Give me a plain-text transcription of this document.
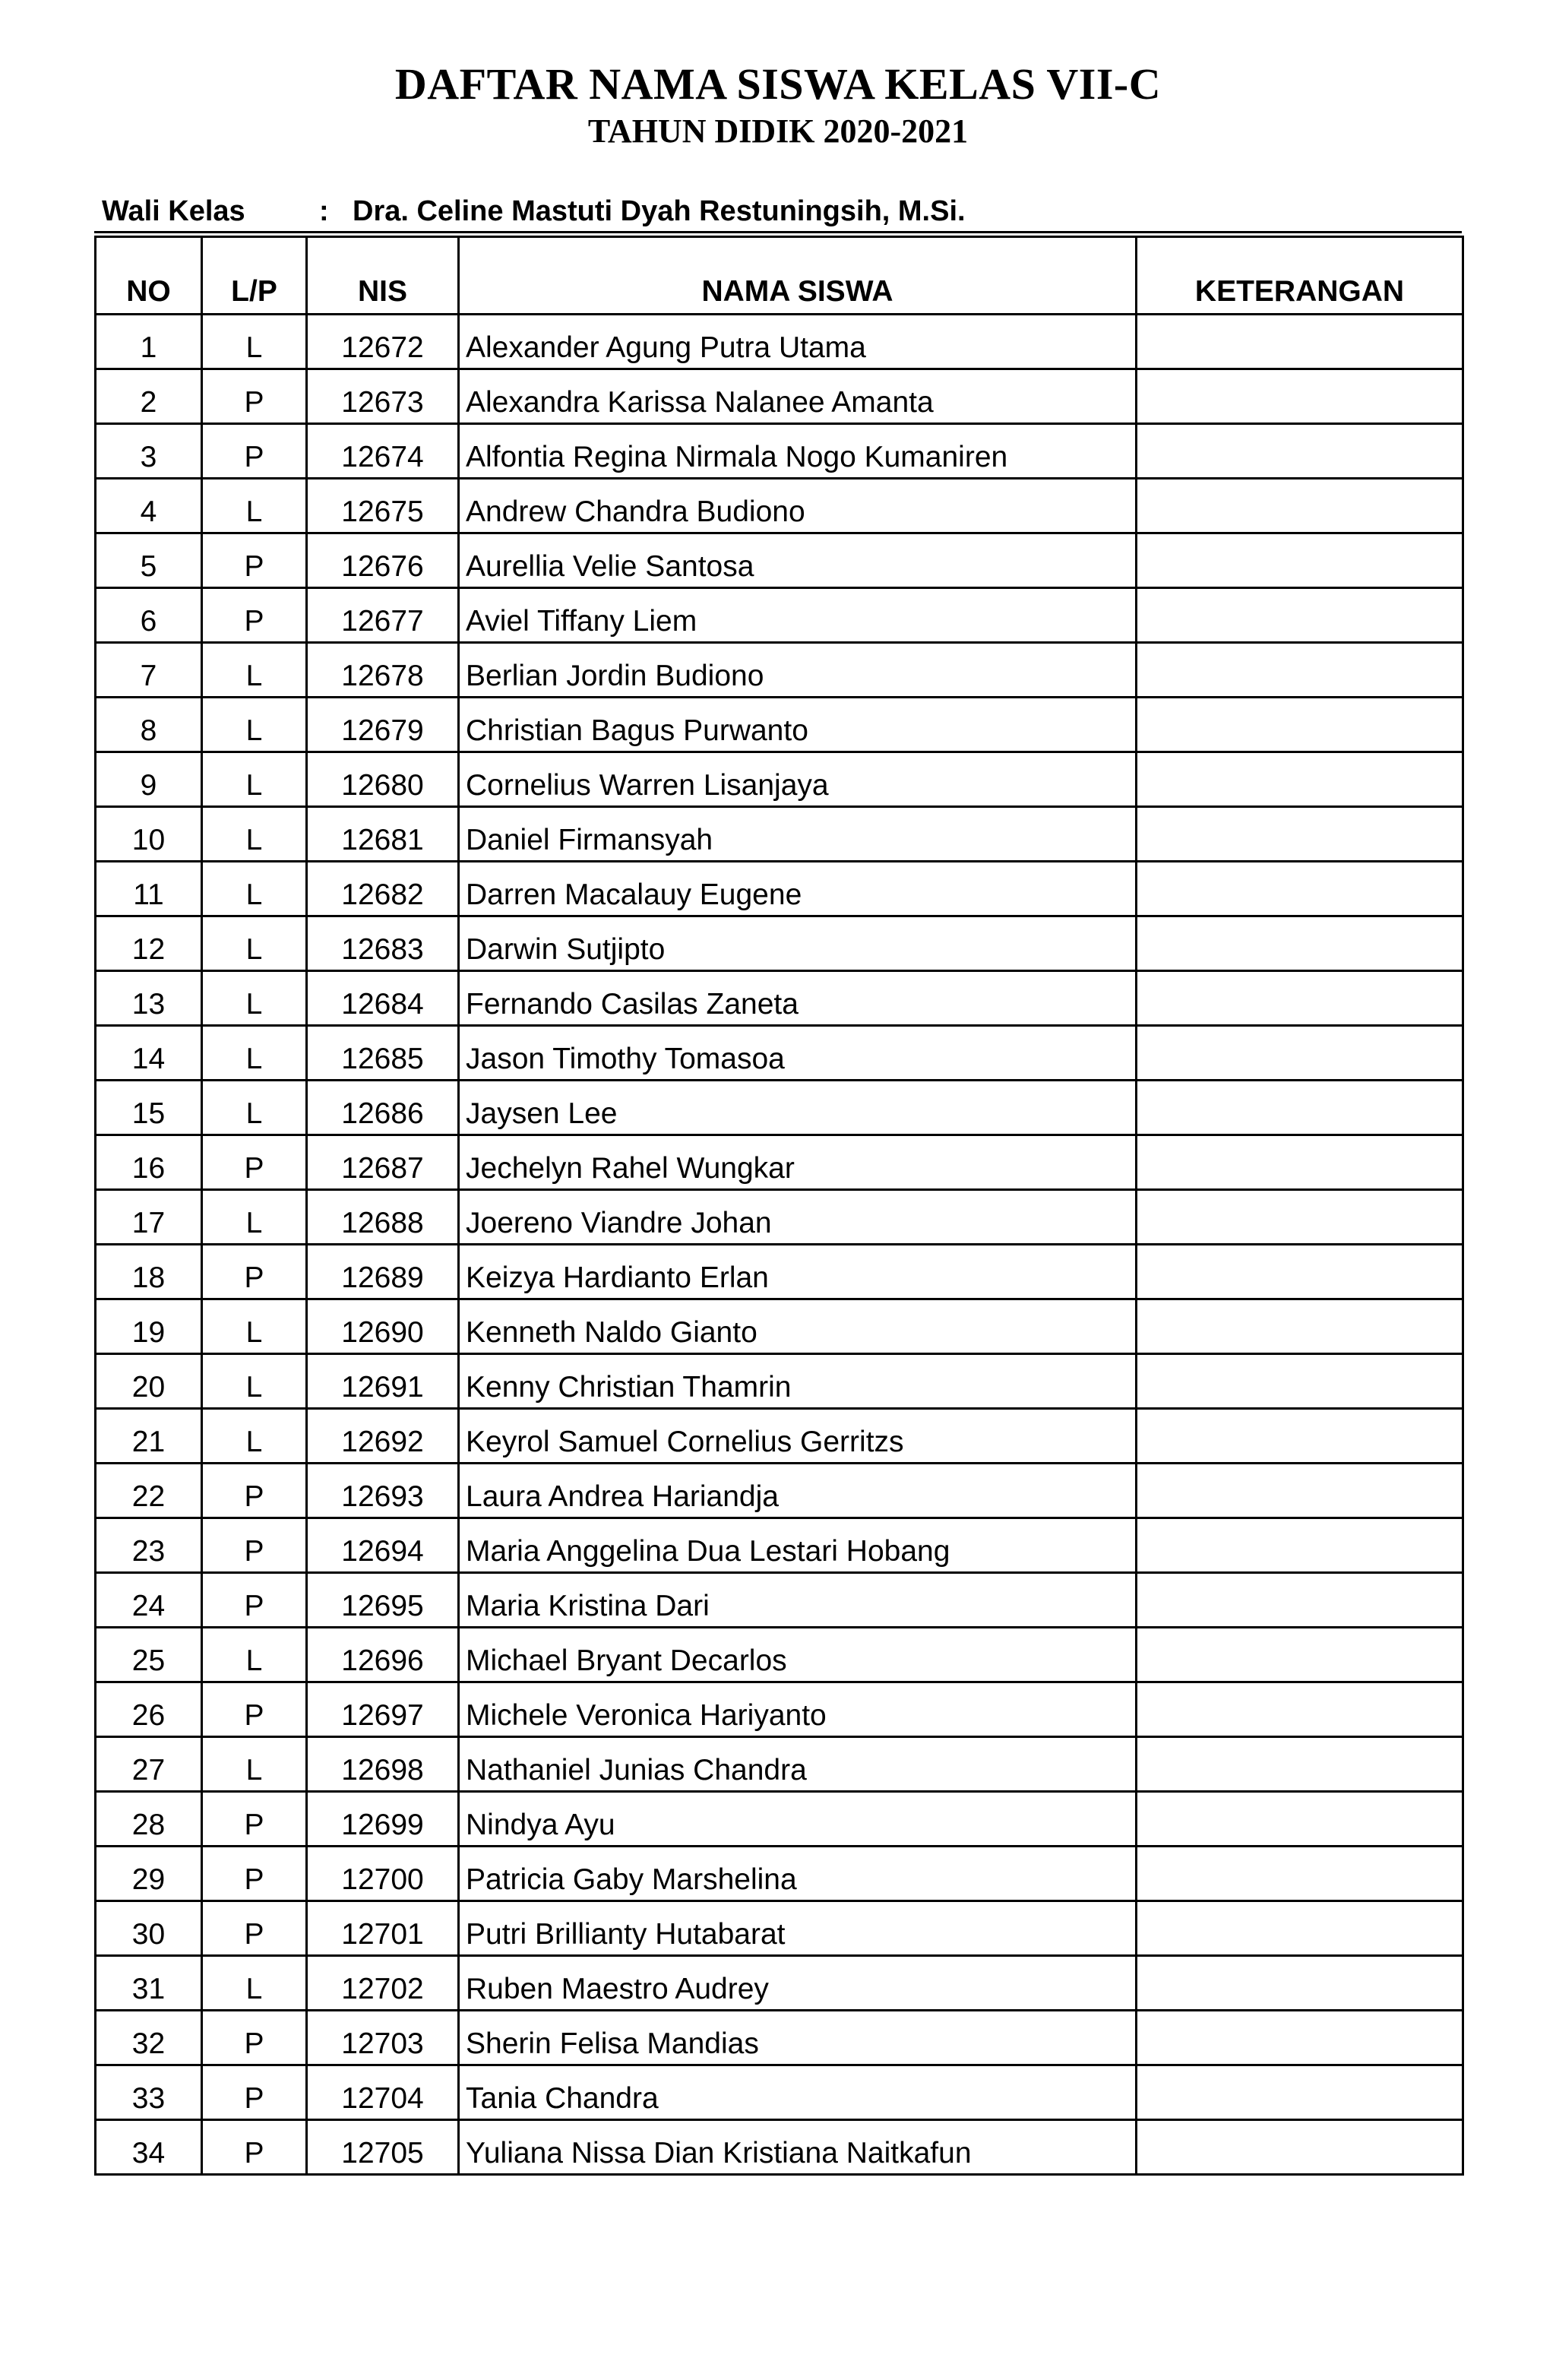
DAFTAR NAMA SISWA KELAS VII-C
TAHUN DIDIK 2020-2021
Wali Kelas	: Dra. Celine Mastuti Dyah Restuningsih, M.Si.
NO	L/P	NIS	NAMA SISWA	KETERANGAN
1	L	12672	Alexander Agung Putra Utama	
2	P	12673	Alexandra Karissa Nalanee Amanta	
3	P	12674	Alfontia Regina Nirmala Nogo Kumaniren	
4	L	12675	Andrew Chandra Budiono	
5	P	12676	Aurellia Velie Santosa	
6	P	12677	Aviel Tiffany Liem	
7	L	12678	Berlian Jordin Budiono	
8	L	12679	Christian Bagus Purwanto	
9	L	12680	Cornelius Warren Lisanjaya	
10	L	12681	Daniel Firmansyah	
11	L	12682	Darren Macalauy Eugene	
12	L	12683	Darwin Sutjipto	
13	L	12684	Fernando Casilas Zaneta	
14	L	12685	Jason Timothy Tomasoa	
15	L	12686	Jaysen Lee	
16	P	12687	Jechelyn Rahel Wungkar	
17	L	12688	Joereno Viandre Johan	
18	P	12689	Keizya Hardianto Erlan	
19	L	12690	Kenneth Naldo Gianto	
20	L	12691	Kenny Christian Thamrin	
21	L	12692	Keyrol Samuel Cornelius Gerritzs	
22	P	12693	Laura Andrea Hariandja	
23	P	12694	Maria Anggelina Dua Lestari Hobang	
24	P	12695	Maria Kristina Dari	
25	L	12696	Michael Bryant Decarlos	
26	P	12697	Michele Veronica Hariyanto	
27	L	12698	Nathaniel Junias Chandra	
28	P	12699	Nindya Ayu	
29	P	12700	Patricia Gaby Marshelina	
30	P	12701	Putri Brillianty Hutabarat	
31	L	12702	Ruben Maestro Audrey	
32	P	12703	Sherin Felisa Mandias	
33	P	12704	Tania Chandra	
34	P	12705	Yuliana Nissa Dian Kristiana Naitkafun	
